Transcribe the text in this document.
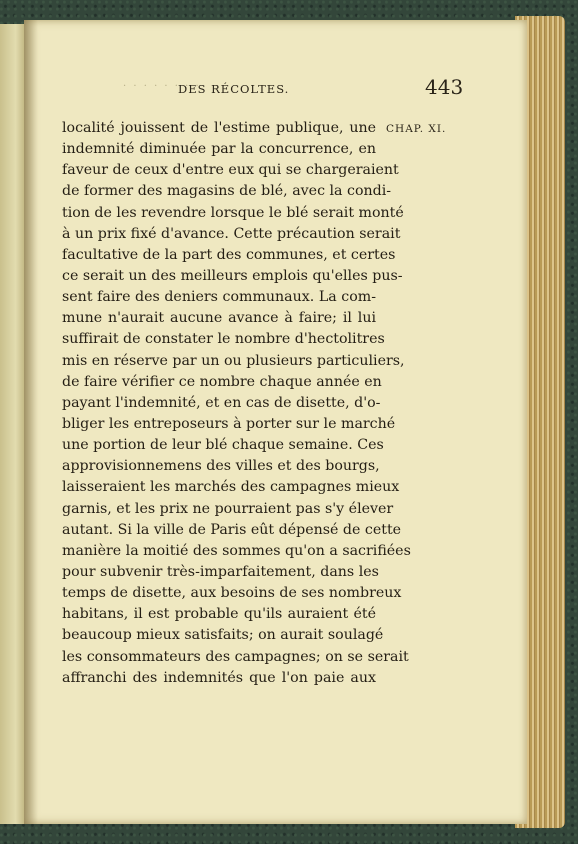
· · · · · · · ·
DES RÉCOLTES.	443
CHAP. XI.
localité jouissent de l'estime publique, une
indemnité diminuée par la concurrence, en
faveur de ceux d'entre eux qui se chargeraient
de former des magasins de blé, avec la condi-
tion de les revendre lorsque le blé serait monté
à un prix fixé d'avance. Cette précaution serait
facultative de la part des communes, et certes
ce serait un des meilleurs emplois qu'elles pus-
sent faire des deniers communaux. La com-
mune n'aurait aucune avance à faire; il lui
suffirait de constater le nombre d'hectolitres
mis en réserve par un ou plusieurs particuliers,
de faire vérifier ce nombre chaque année en
payant l'indemnité, et en cas de disette, d'o-
bliger les entreposeurs à porter sur le marché
une portion de leur blé chaque semaine. Ces
approvisionnemens des villes et des bourgs,
laisseraient les marchés des campagnes mieux
garnis, et les prix ne pourraient pas s'y élever
autant. Si la ville de Paris eût dépensé de cette
manière la moitié des sommes qu'on a sacrifiées
pour subvenir très-imparfaitement, dans les
temps de disette, aux besoins de ses nombreux
habitans, il est probable qu'ils auraient été
beaucoup mieux satisfaits; on aurait soulagé
les consommateurs des campagnes; on se serait
affranchi des indemnités que l'on paie aux
